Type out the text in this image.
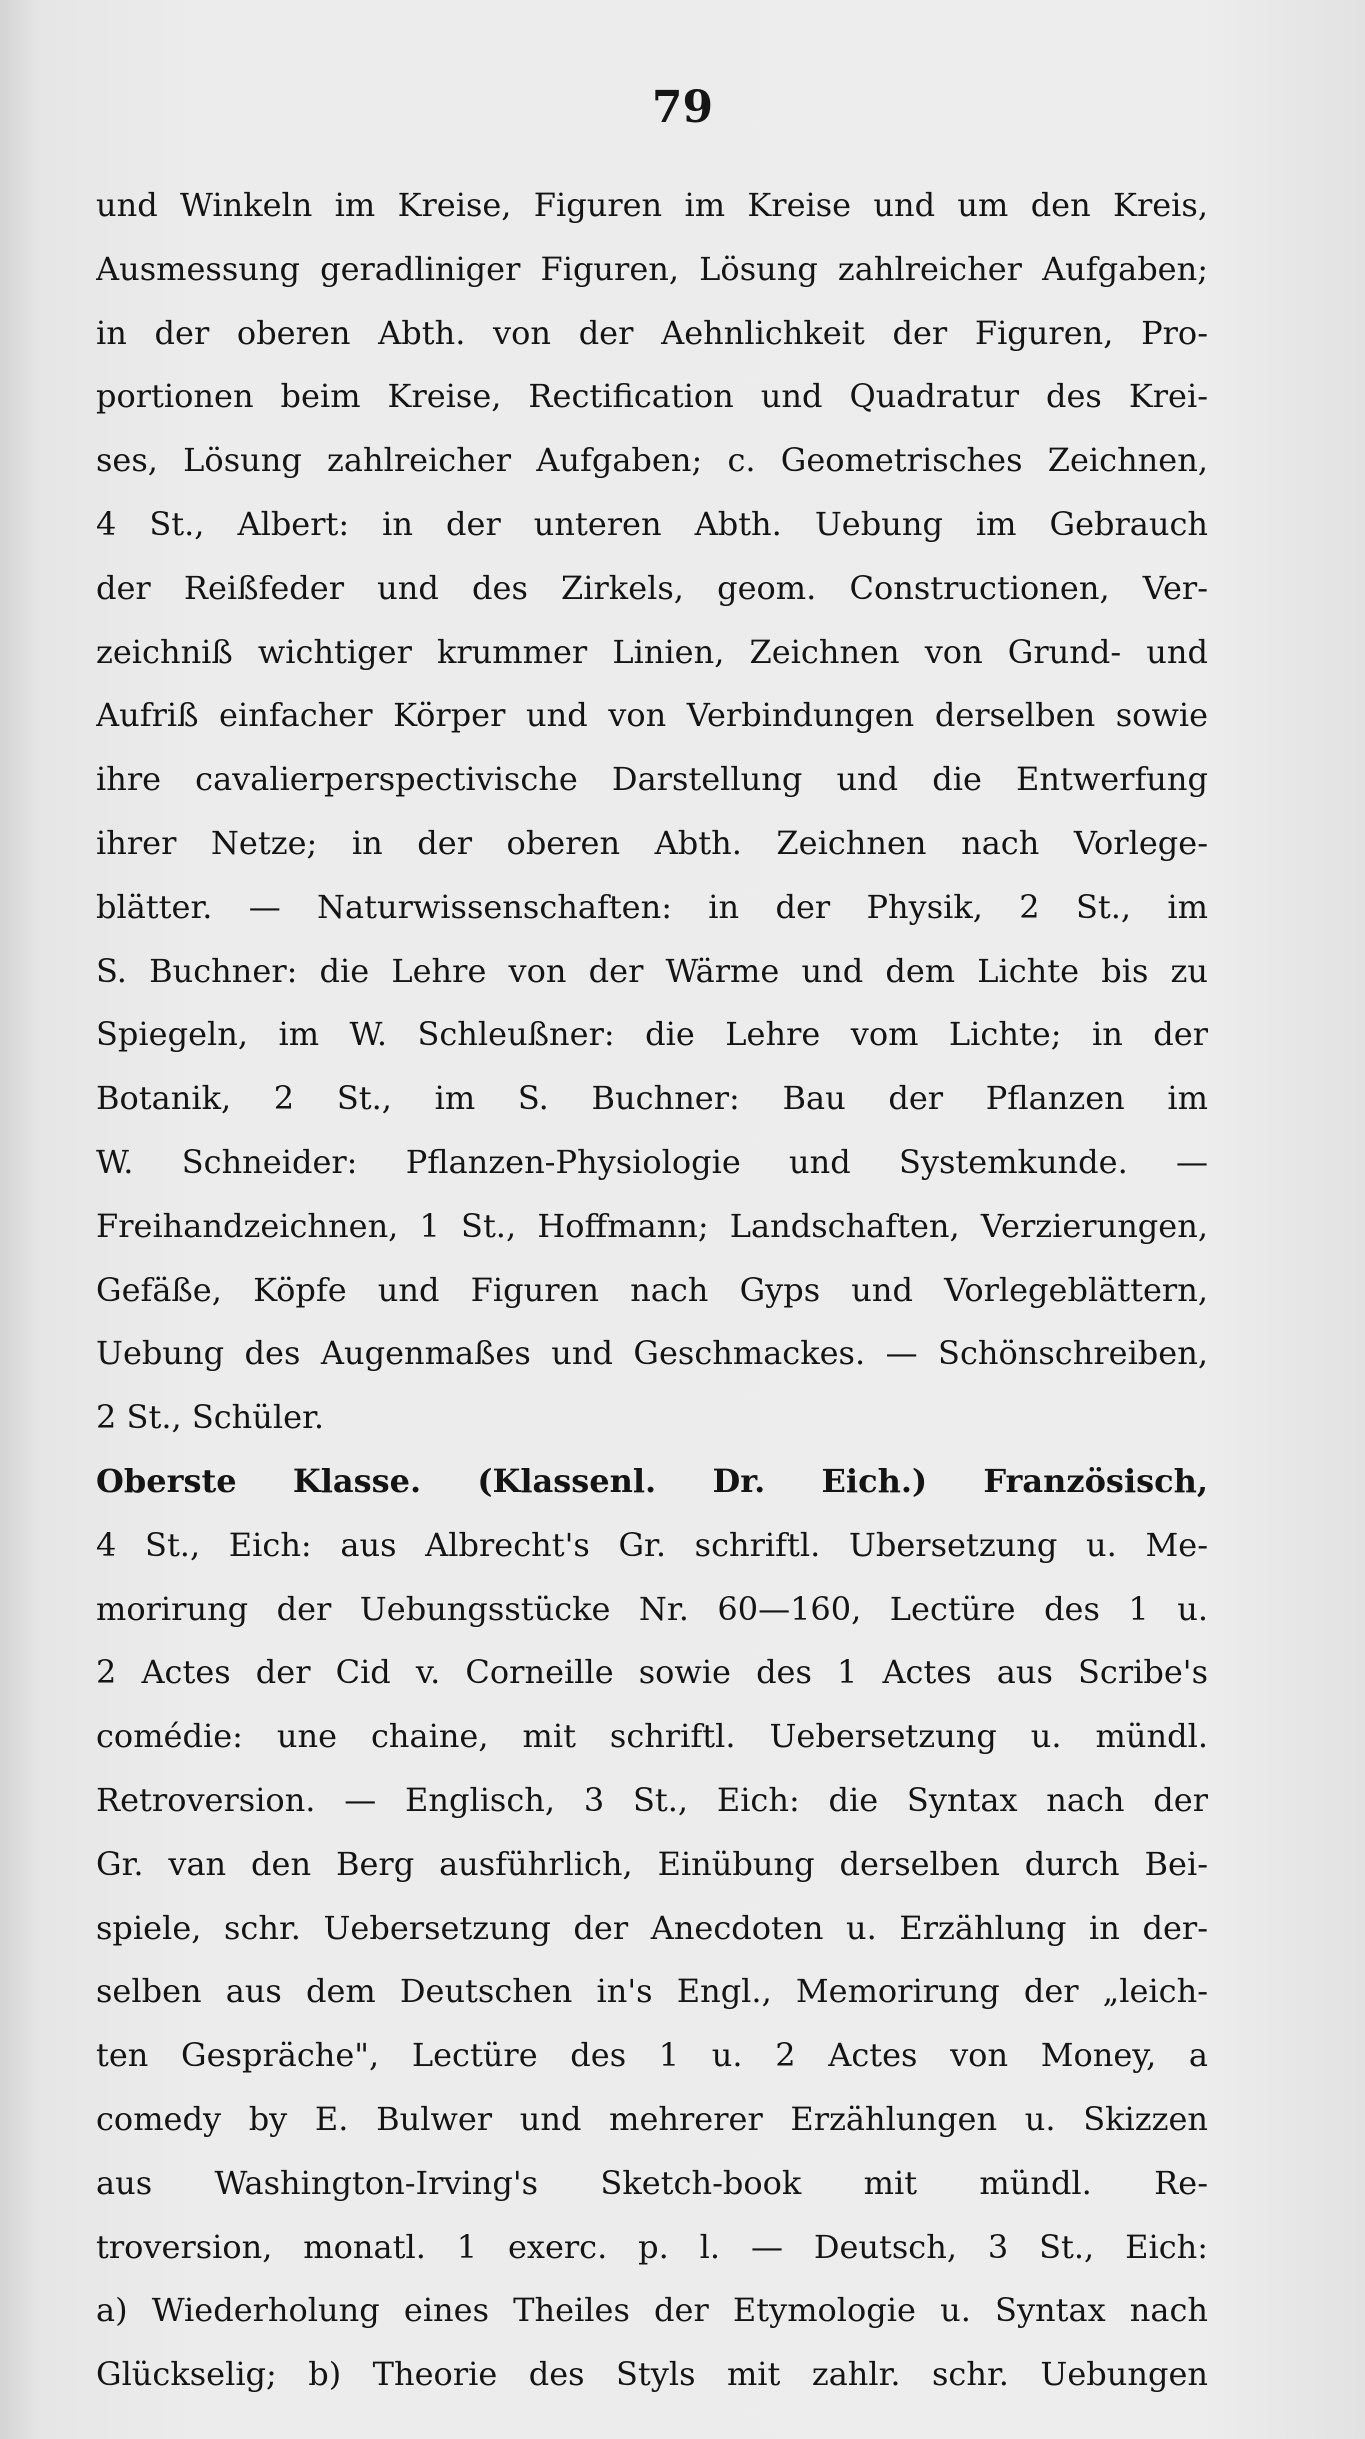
79
und Winkeln im Kreise, Figuren im Kreise und um den Kreis,
Ausmessung geradliniger Figuren, Lösung zahlreicher Aufgaben;
in der oberen Abth. von der Aehnlichkeit der Figuren, Pro-
portionen beim Kreise, Rectification und Quadratur des Krei-
ses, Lösung zahlreicher Aufgaben; c. Geometrisches Zeichnen,
4 St., Albert: in der unteren Abth. Uebung im Gebrauch
der Reißfeder und des Zirkels, geom. Constructionen, Ver-
zeichniß wichtiger krummer Linien, Zeichnen von Grund- und
Aufriß einfacher Körper und von Verbindungen derselben sowie
ihre cavalierperspectivische Darstellung und die Entwerfung
ihrer Netze; in der oberen Abth. Zeichnen nach Vorlege-
blätter. — Naturwissenschaften: in der Physik, 2 St., im
S. Buchner: die Lehre von der Wärme und dem Lichte bis zu
Spiegeln, im W. Schleußner: die Lehre vom Lichte; in der
Botanik, 2 St., im S. Buchner: Bau der Pflanzen im
W. Schneider: Pflanzen-Physiologie und Systemkunde. —
Freihandzeichnen, 1 St., Hoffmann; Landschaften, Verzierungen,
Gefäße, Köpfe und Figuren nach Gyps und Vorlegeblättern,
Uebung des Augenmaßes und Geschmackes. — Schönschreiben,
2 St., Schüler.
Oberste Klasse. (Klassenl. Dr. Eich.) Französisch,
4 St., Eich: aus Albrecht's Gr. schriftl. Ubersetzung u. Me-
morirung der Uebungsstücke Nr. 60—160, Lectüre des 1 u.
2 Actes der Cid v. Corneille sowie des 1 Actes aus Scribe's
comédie: une chaine, mit schriftl. Uebersetzung u. mündl.
Retroversion. — Englisch, 3 St., Eich: die Syntax nach der
Gr. van den Berg ausführlich, Einübung derselben durch Bei-
spiele, schr. Uebersetzung der Anecdoten u. Erzählung in der-
selben aus dem Deutschen in's Engl., Memorirung der „leich-
ten Gespräche", Lectüre des 1 u. 2 Actes von Money, a
comedy by E. Bulwer und mehrerer Erzählungen u. Skizzen
aus Washington-Irving's Sketch-book mit mündl. Re-
troversion, monatl. 1 exerc. p. l. — Deutsch, 3 St., Eich:
a) Wiederholung eines Theiles der Etymologie u. Syntax nach
Glückselig; b) Theorie des Styls mit zahlr. schr. Uebungen
